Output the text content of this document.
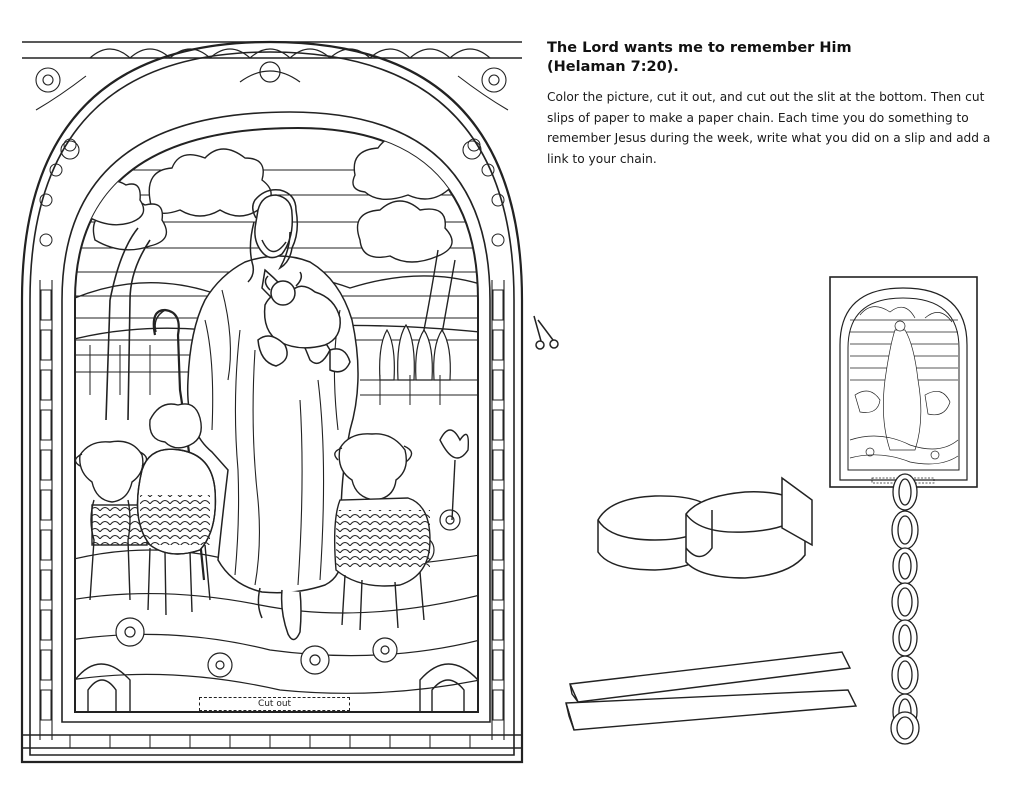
The Lord wants me to remember Him
(Helaman 7:20).

Color the picture, cut it out, and cut out the slit at the bottom. Then cut slips of paper to make a paper chain. Each time you do something to remember Jesus during the week, write what you did on a slip and add a link to your chain.

Cut out
